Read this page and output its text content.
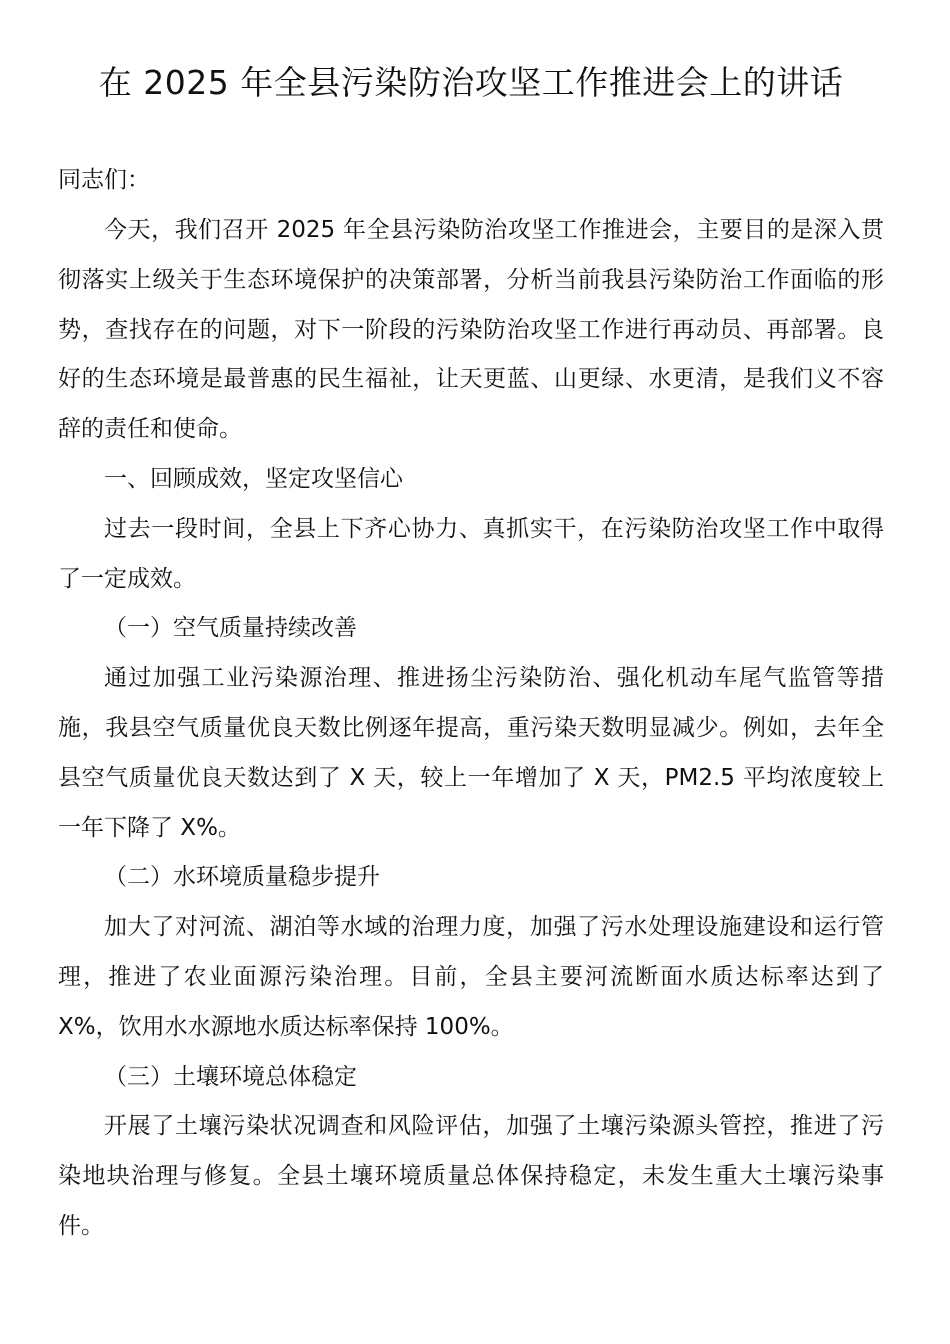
在 2025 年全县污染防治攻坚工作推进会上的讲话

同志们：

今天，我们召开 2025 年全县污染防治攻坚工作推进会，主要目的是深入贯彻落实上级关于生态环境保护的决策部署，分析当前我县污染防治工作面临的形势，查找存在的问题，对下一阶段的污染防治攻坚工作进行再动员、再部署。良好的生态环境是最普惠的民生福祉，让天更蓝、山更绿、水更清，是我们义不容辞的责任和使命。

一、回顾成效，坚定攻坚信心

过去一段时间，全县上下齐心协力、真抓实干，在污染防治攻坚工作中取得了一定成效。

（一）空气质量持续改善

通过加强工业污染源治理、推进扬尘污染防治、强化机动车尾气监管等措施，我县空气质量优良天数比例逐年提高，重污染天数明显减少。例如，去年全县空气质量优良天数达到了 X 天，较上一年增加了 X 天，PM2.5 平均浓度较上一年下降了 X%。

（二）水环境质量稳步提升

加大了对河流、湖泊等水域的治理力度，加强了污水处理设施建设和运行管理，推进了农业面源污染治理。目前，全县主要河流断面水质达标率达到了 X%，饮用水水源地水质达标率保持 100%。

（三）土壤环境总体稳定

开展了土壤污染状况调查和风险评估，加强了土壤污染源头管控，推进了污染地块治理与修复。全县土壤环境质量总体保持稳定，未发生重大土壤污染事件。
